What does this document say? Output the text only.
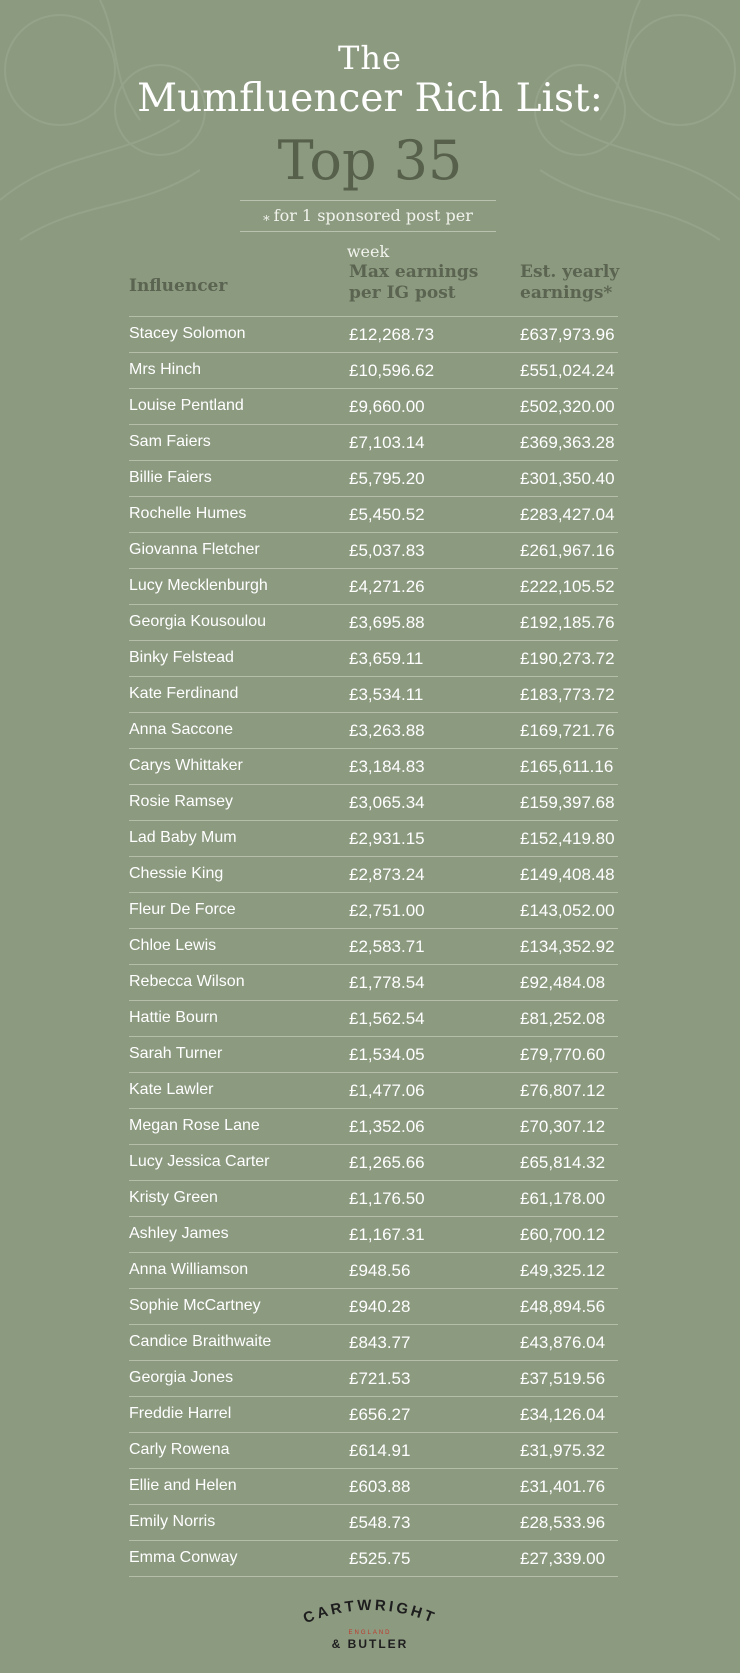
The
Mumfluencer Rich List:
Top 35
$_*$ for 1 sponsored post per week
Influencer
Max earnings
per IG post
Est. yearly
earnings*
Stacey Solomon	£12,268.73	£637,973.96
Mrs Hinch	£10,596.62	£551,024.24
Louise Pentland	£9,660.00	£502,320.00
Sam Faiers	£7,103.14	£369,363.28
Billie Faiers	£5,795.20	£301,350.40
Rochelle Humes	£5,450.52	£283,427.04
Giovanna Fletcher	£5,037.83	£261,967.16
Lucy Mecklenburgh	£4,271.26	£222,105.52
Georgia Kousoulou	£3,695.88	£192,185.76
Binky Felstead	£3,659.11	£190,273.72
Kate Ferdinand	£3,534.11	£183,773.72
Anna Saccone	£3,263.88	£169,721.76
Carys Whittaker	£3,184.83	£165,611.16
Rosie Ramsey	£3,065.34	£159,397.68
Lad Baby Mum	£2,931.15	£152,419.80
Chessie King	£2,873.24	£149,408.48
Fleur De Force	£2,751.00	£143,052.00
Chloe Lewis	£2,583.71	£134,352.92
Rebecca Wilson	£1,778.54	£92,484.08
Hattie Bourn	£1,562.54	£81,252.08
Sarah Turner	£1,534.05	£79,770.60
Kate Lawler	£1,477.06	£76,807.12
Megan Rose Lane	£1,352.06	£70,307.12
Lucy Jessica Carter	£1,265.66	£65,814.32
Kristy Green	£1,176.50	£61,178.00
Ashley James	£1,167.31	£60,700.12
Anna Williamson	£948.56	£49,325.12
Sophie McCartney	£940.28	£48,894.56
Candice Braithwaite	£843.77	£43,876.04
Georgia Jones	£721.53	£37,519.56
Freddie Harrel	£656.27	£34,126.04
Carly Rowena	£614.91	£31,975.32
Ellie and Helen	£603.88	£31,401.76
Emily Norris	£548.73	£28,533.96
Emma Conway	£525.75	£27,339.00
CARTWRIGHT
ENGLAND
& BUTLER
